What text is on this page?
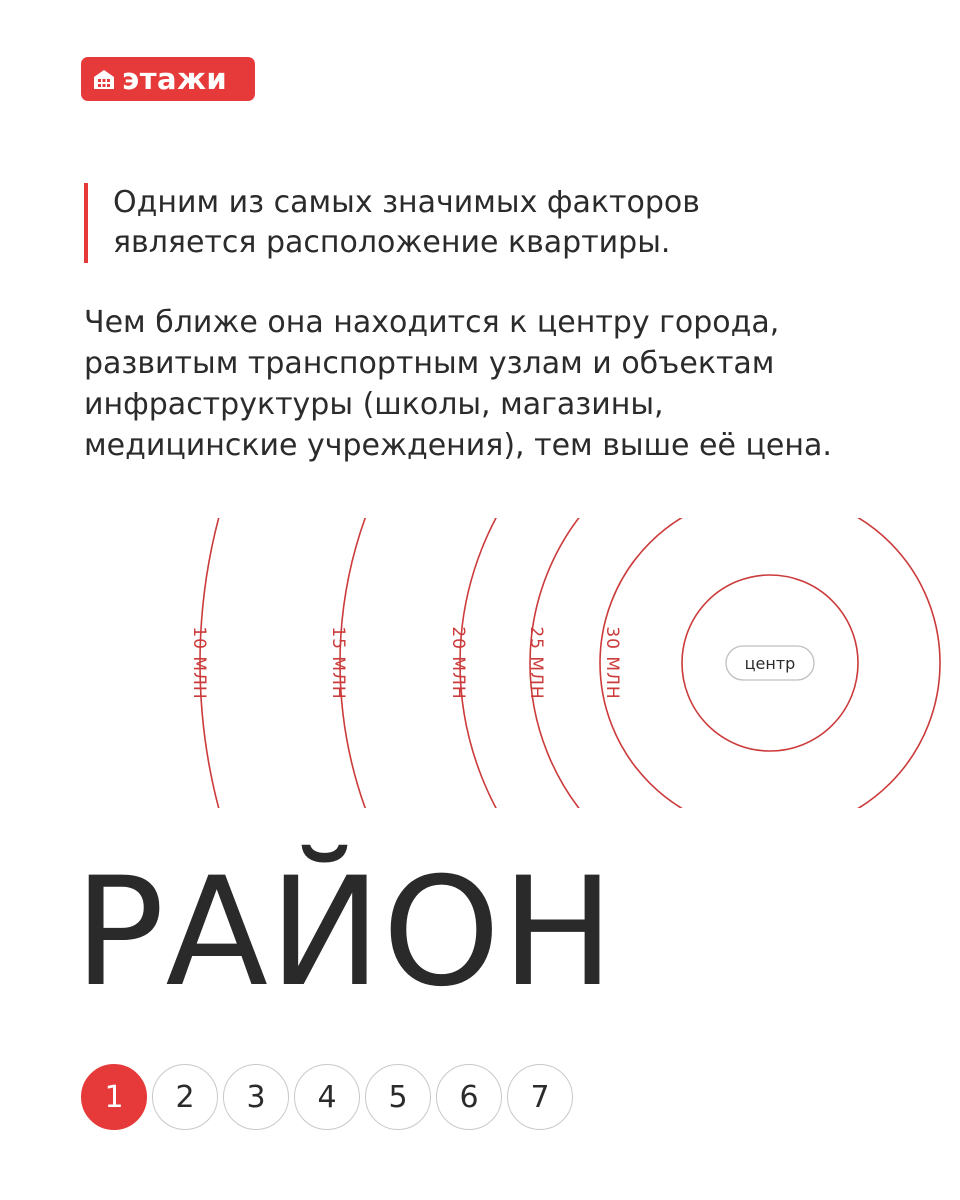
этажи
Одним из самых значимых факторов
является расположение квартиры.
Чем ближе она находится к центру города,
развитым транспортным узлам и объектам
инфраструктуры (школы, магазины,
медицинские учреждения), тем выше её цена.
10 МЛН	15 МЛН	20 МЛН	25 МЛН	30 МЛН	центр
РАЙОН
1	2	3	4	5	6	7
